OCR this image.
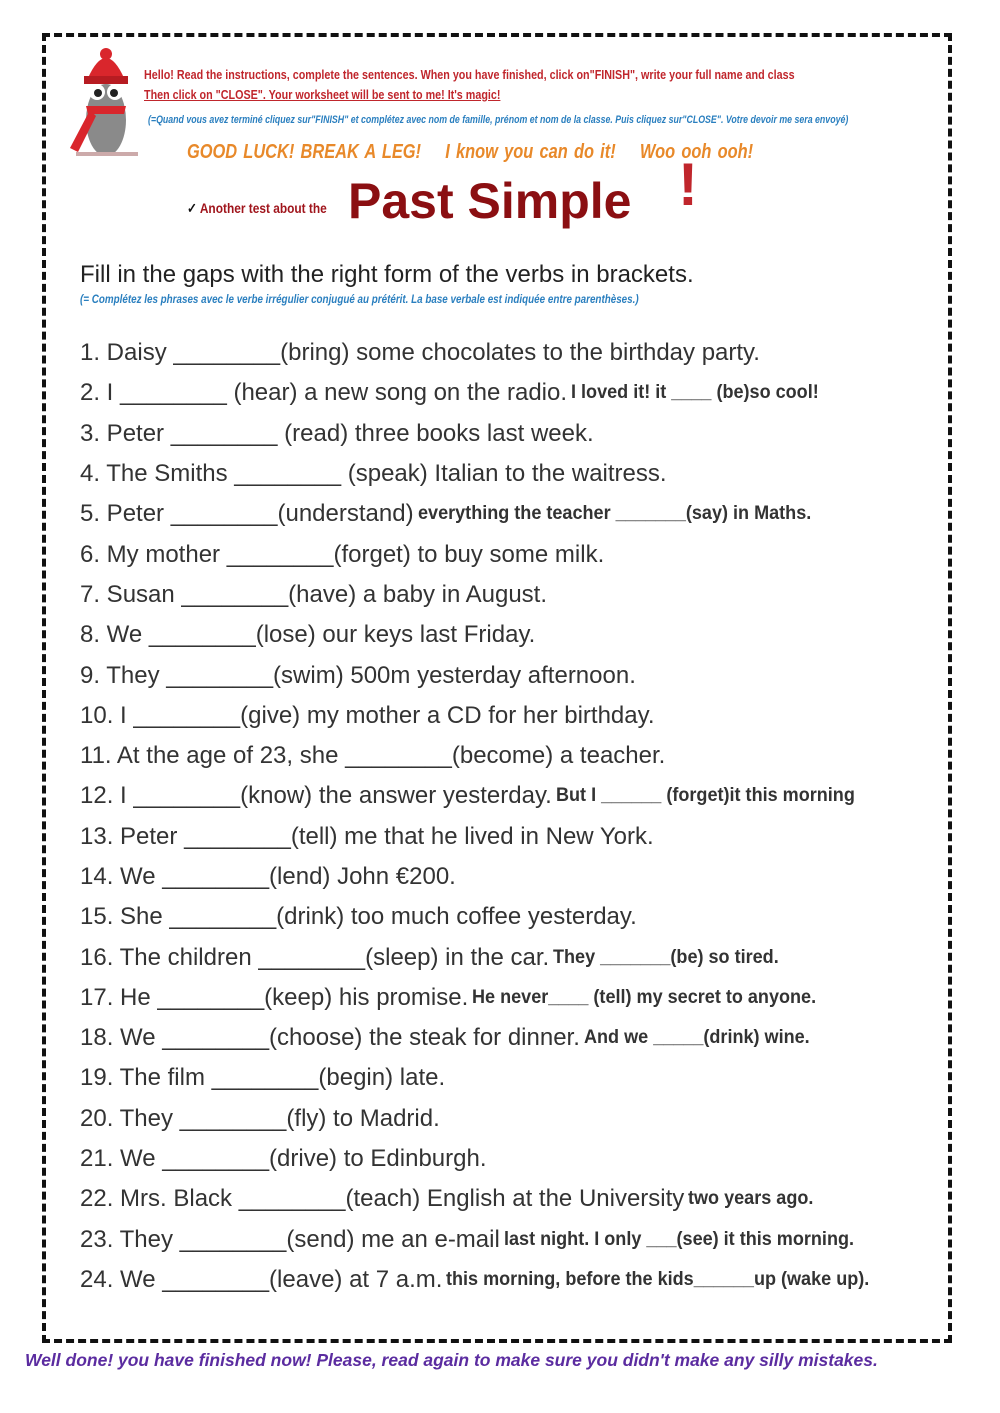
Hello! Read the instructions, complete the sentences. When you have finished, click on"FINISH", write your full name and class
Then click on "CLOSE". Your worksheet will be sent to me! It's magic!
(=Quand vous avez terminé cliquez sur"FINISH" et complétez avec nom de famille, prénom et nom de la classe. Puis cliquez sur"CLOSE". Votre devoir me sera envoyé)
GOOD LUCK! BREAK A LEG! I know you can do it! Woo ooh ooh!
✓ Another test about the Past Simple !
Fill in the gaps with the right form of the verbs in brackets.
(= Complétez les phrases avec le verbe irrégulier conjugué au prétérit. La base verbale est indiquée entre parenthèses.)
1. Daisy ________(bring) some chocolates to the birthday party.
2. I ________ (hear) a new song on the radio. I loved it! it ____ (be)so cool!
3. Peter ________ (read) three books last week.
4. The Smiths ________ (speak) Italian to the waitress.
5. Peter ________(understand) everything the teacher _______(say) in Maths.
6. My mother ________(forget) to buy some milk.
7. Susan ________(have) a baby in August.
8. We ________(lose) our keys last Friday.
9. They ________(swim) 500m yesterday afternoon.
10. I ________(give) my mother a CD for her birthday.
11. At the age of 23, she ________(become) a teacher.
12. I ________(know) the answer yesterday. But I ______ (forget)it this morning
13. Peter ________(tell) me that he lived in New York.
14. We ________(lend) John €200.
15. She ________(drink) too much coffee yesterday.
16. The children ________(sleep) in the car. They _______(be) so tired.
17. He ________(keep) his promise. He never____ (tell) my secret to anyone.
18. We ________(choose) the steak for dinner. And we _____(drink) wine.
19. The film ________(begin) late.
20. They ________(fly) to Madrid.
21. We ________(drive) to Edinburgh.
22. Mrs. Black ________(teach) English at the University two years ago.
23. They ________(send) me an e-mail last night. I only ___(see) it this morning.
24. We ________(leave) at 7 a.m. this morning, before the kids______up (wake up).
Well done! you have finished now! Please, read again to make sure you didn't make any silly mistakes.
